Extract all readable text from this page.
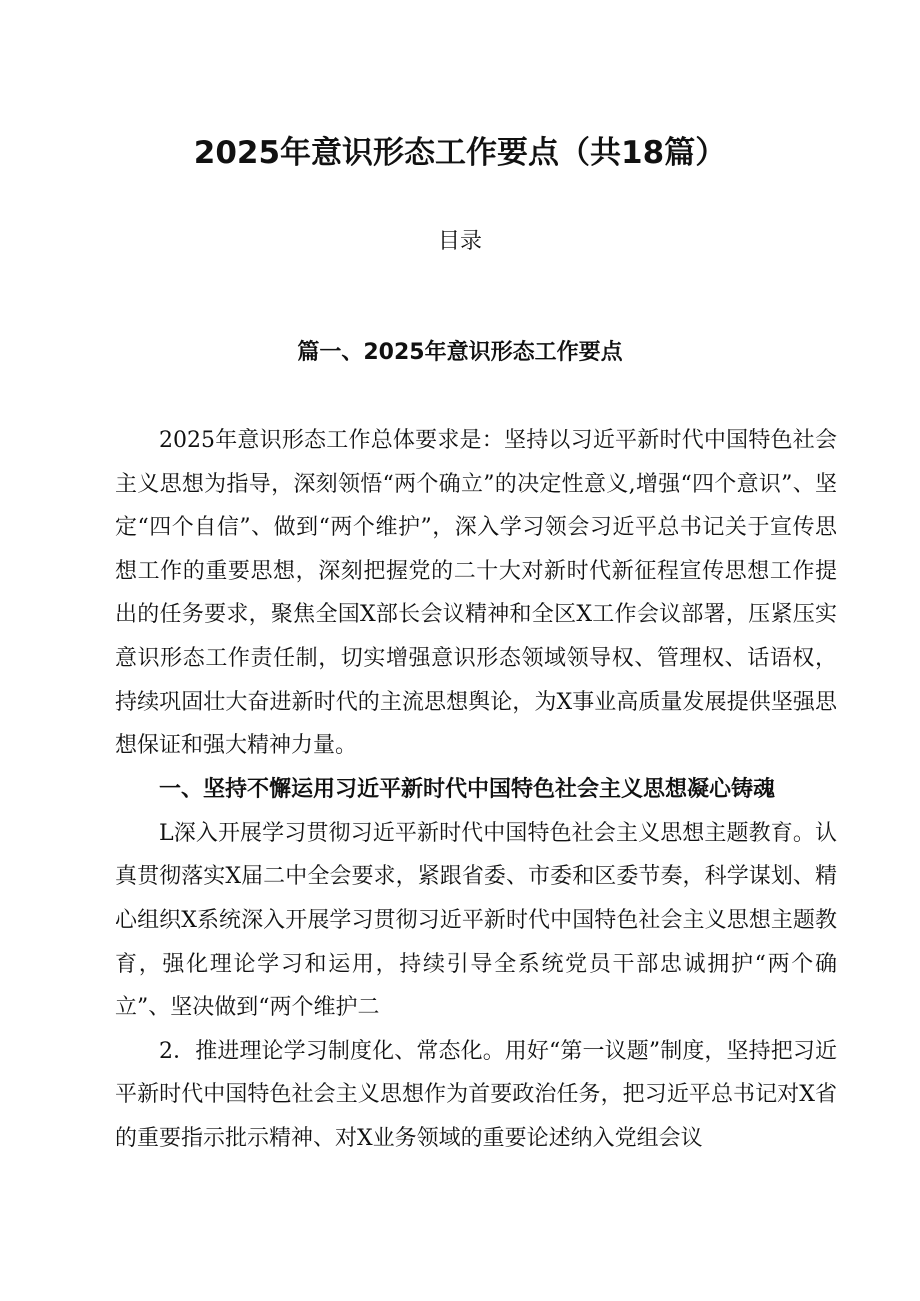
2025年意识形态工作要点（共18篇）
目录
篇一、2025年意识形态工作要点

2025年意识形态工作总体要求是：坚持以习近平新时代中国特色社会主义思想为指导，深刻领悟“两个确立”的决定性意义,增强“四个意识”、坚定“四个自信”、做到“两个维护”，深入学习领会习近平总书记关于宣传思想工作的重要思想，深刻把握党的二十大对新时代新征程宣传思想工作提出的任务要求，聚焦全国X部长会议精神和全区X工作会议部署，压紧压实意识形态工作责任制，切实增强意识形态领域领导权、管理权、话语权，持续巩固壮大奋进新时代的主流思想舆论，为X事业高质量发展提供坚强思想保证和强大精神力量。

一、坚持不懈运用习近平新时代中国特色社会主义思想凝心铸魂

L深入开展学习贯彻习近平新时代中国特色社会主义思想主题教育。认真贯彻落实X届二中全会要求，紧跟省委、市委和区委节奏，科学谋划、精心组织X系统深入开展学习贯彻习近平新时代中国特色社会主义思想主题教育，强化理论学习和运用，持续引导全系统党员干部忠诚拥护“两个确立”、坚决做到“两个维护二

2．推进理论学习制度化、常态化。用好“第一议题”制度，坚持把习近平新时代中国特色社会主义思想作为首要政治任务，把习近平总书记对X省的重要指示批示精神、对X业务领域的重要论述纳入党组会议
